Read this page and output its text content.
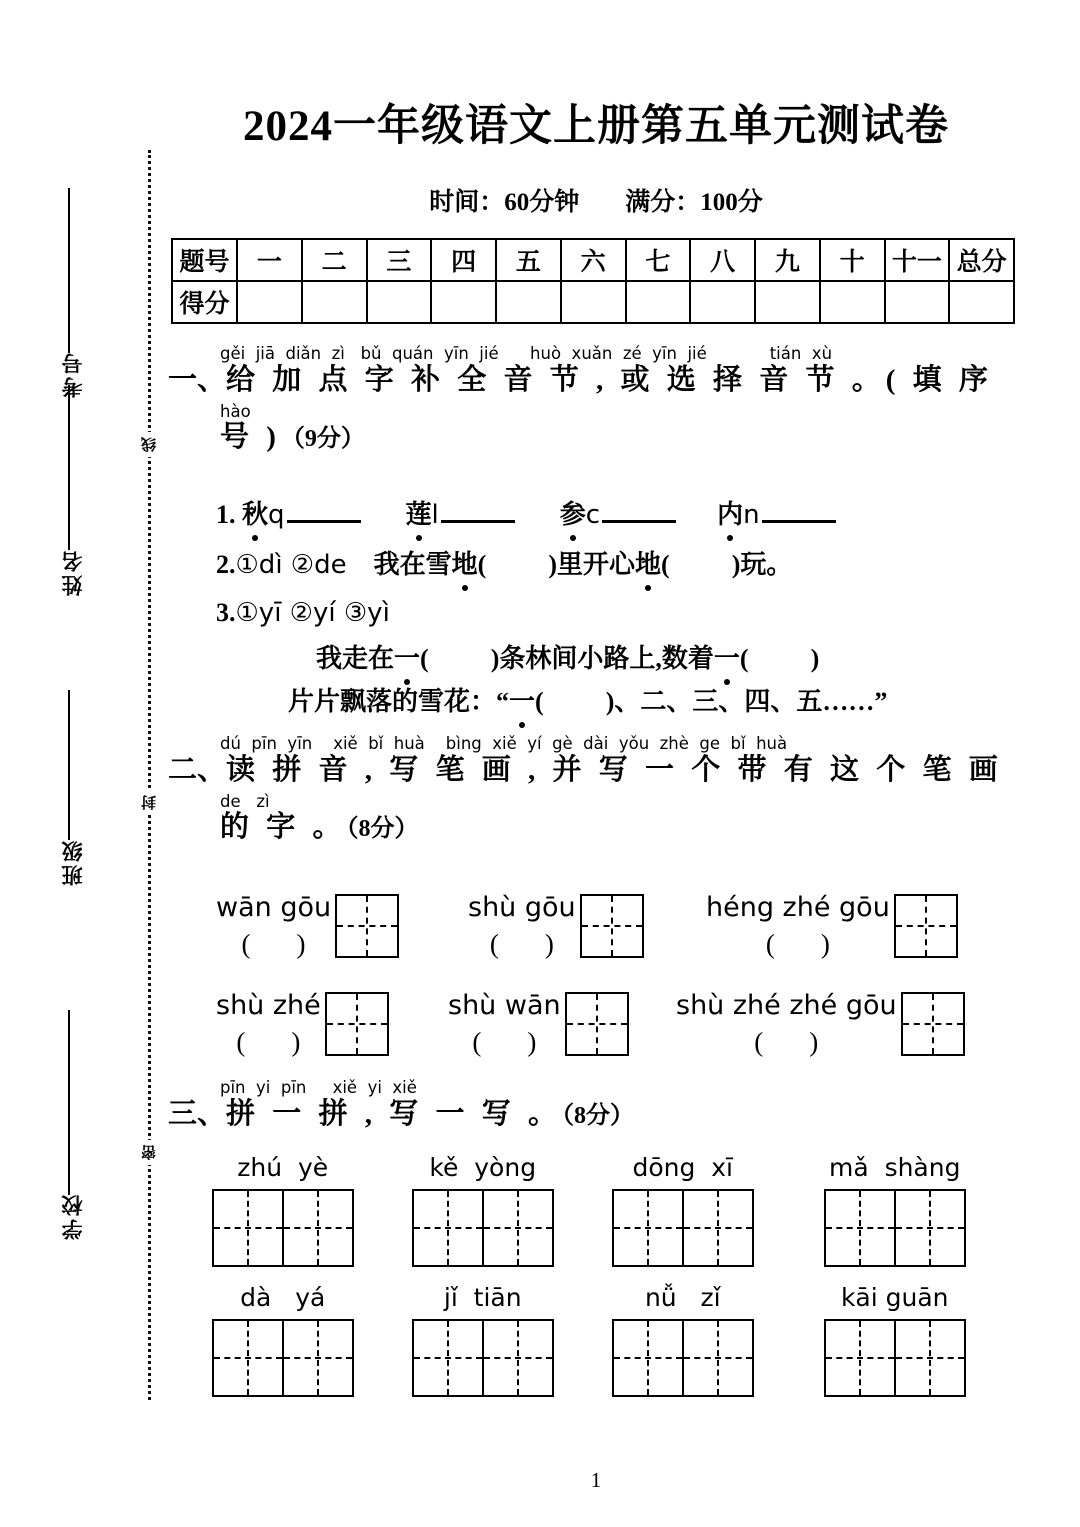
考号
姓名
班级
学校
线
封
密
2024一年级语文上册第五单元测试卷
时间：60分钟 满分：100分
题号	一	二	三	四	五	六	七	八	九	十	十一	总分
得分												
gěi  jiā  diǎn  zì   bǔ  quán  yīn  jié      huò  xuǎn  zé  yīn  jié            tián  xù
一、给 加 点 字 补 全 音 节 , 或 选 择 音 节 。( 填 序
hào
号 )（9分）
1. 秋q	莲l	参c	内n
2.①dì ②de 我在雪地( )里开心地( )玩。
3.①yī ②yí ③yì
我走在一( )条林间小路上,数着一( )
片片飘落的雪花：“一( )、二、三、四、五……”
dú  pīn  yīn    xiě  bǐ  huà    bìng  xiě  yí  gè  dài  yǒu  zhè  ge  bǐ  huà
二、读 拼 音 , 写 笔 画 , 并 写 一 个 带 有 这 个 笔 画
de   zì
的 字 。（8分）
wān gōu
( )

shù gōu
( )

héng zhé gōu
( )

shù zhé
( )

shù wān
( )

shù zhé zhé gōu
( )

pīn  yi  pīn     xiě  yi  xiě
三、拼 一 拼 , 写 一 写 。（8分）
zhú  yè	kě  yòng	dōng  xī	mǎ  shàng
dà   yá	jǐ  tiān	nǚ   zǐ	kāi guān
1
